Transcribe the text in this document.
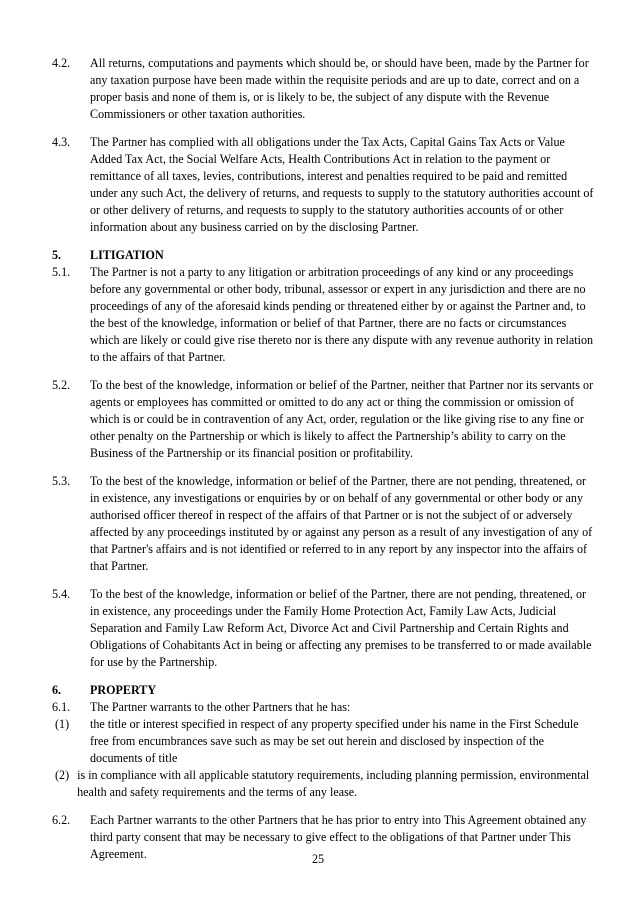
4.2.	All returns, computations and payments which should be, or should have been, made by the Partner for any taxation purpose have been made within the requisite periods and are up to date, correct and on a proper basis and none of them is, or is likely to be, the subject of any dispute with the Revenue Commissioners or other taxation authorities.
4.3.	The Partner has complied with all obligations under the Tax Acts, Capital Gains Tax Acts or Value Added Tax Act, the Social Welfare Acts, Health Contributions Act in relation to the payment or remittance of all taxes, levies, contributions, interest and penalties required to be paid and remitted under any such Act, the delivery of returns, and requests to supply to the statutory authorities account of or other delivery of returns, and requests to supply to the statutory authorities accounts of or other information about any business carried on by the disclosing Partner.
5.	LITIGATION
5.1.	The Partner is not a party to any litigation or arbitration proceedings of any kind or any proceedings before any governmental or other body, tribunal, assessor or expert in any jurisdiction and there are no proceedings of any of the aforesaid kinds pending or threatened either by or against the Partner and, to the best of the knowledge, information or belief of that Partner, there are no facts or circumstances which are likely or could give rise thereto nor is there any dispute with any revenue authority in relation to the affairs of that Partner.
5.2.	To the best of the knowledge, information or belief of the Partner, neither that Partner nor its servants or agents or employees has committed or omitted to do any act or thing the commission or omission of which is or could be in contravention of any Act, order, regulation or the like giving rise to any fine or other penalty on the Partnership or which is likely to affect the Partnership’s ability to carry on the Business of the Partnership or its financial position or profitability.
5.3.	To the best of the knowledge, information or belief of the Partner, there are not pending, threatened, or in existence, any investigations or enquiries by or on behalf of any governmental or other body or any authorised officer thereof in respect of the affairs of that Partner or is not the subject of or adversely affected by any proceedings instituted by or against any person as a result of any investigation of any of that Partner's affairs and is not identified or referred to in any report by any inspector into the affairs of that Partner.
5.4.	To the best of the knowledge, information or belief of the Partner, there are not pending, threatened, or in existence, any proceedings under the Family Home Protection Act, Family Law Acts, Judicial Separation and Family Law Reform Act, Divorce Act and Civil Partnership and Certain Rights and Obligations of Cohabitants Act in being or affecting any premises to be transferred to or made available for use by the Partnership.
6.	PROPERTY
6.1.	The Partner warrants to the other Partners that he has:
(1)	the title or interest specified in respect of any property specified under his name in the First Schedule free from encumbrances save such as may be set out herein and disclosed by inspection of the documents of title
(2) is in compliance with all applicable statutory requirements, including planning permission, environmental health and safety requirements and the terms of any lease.
6.2.	Each Partner warrants to the other Partners that he has prior to entry into This Agreement obtained any third party consent that may be necessary to give effect to the obligations of that Partner under This Agreement.	25
